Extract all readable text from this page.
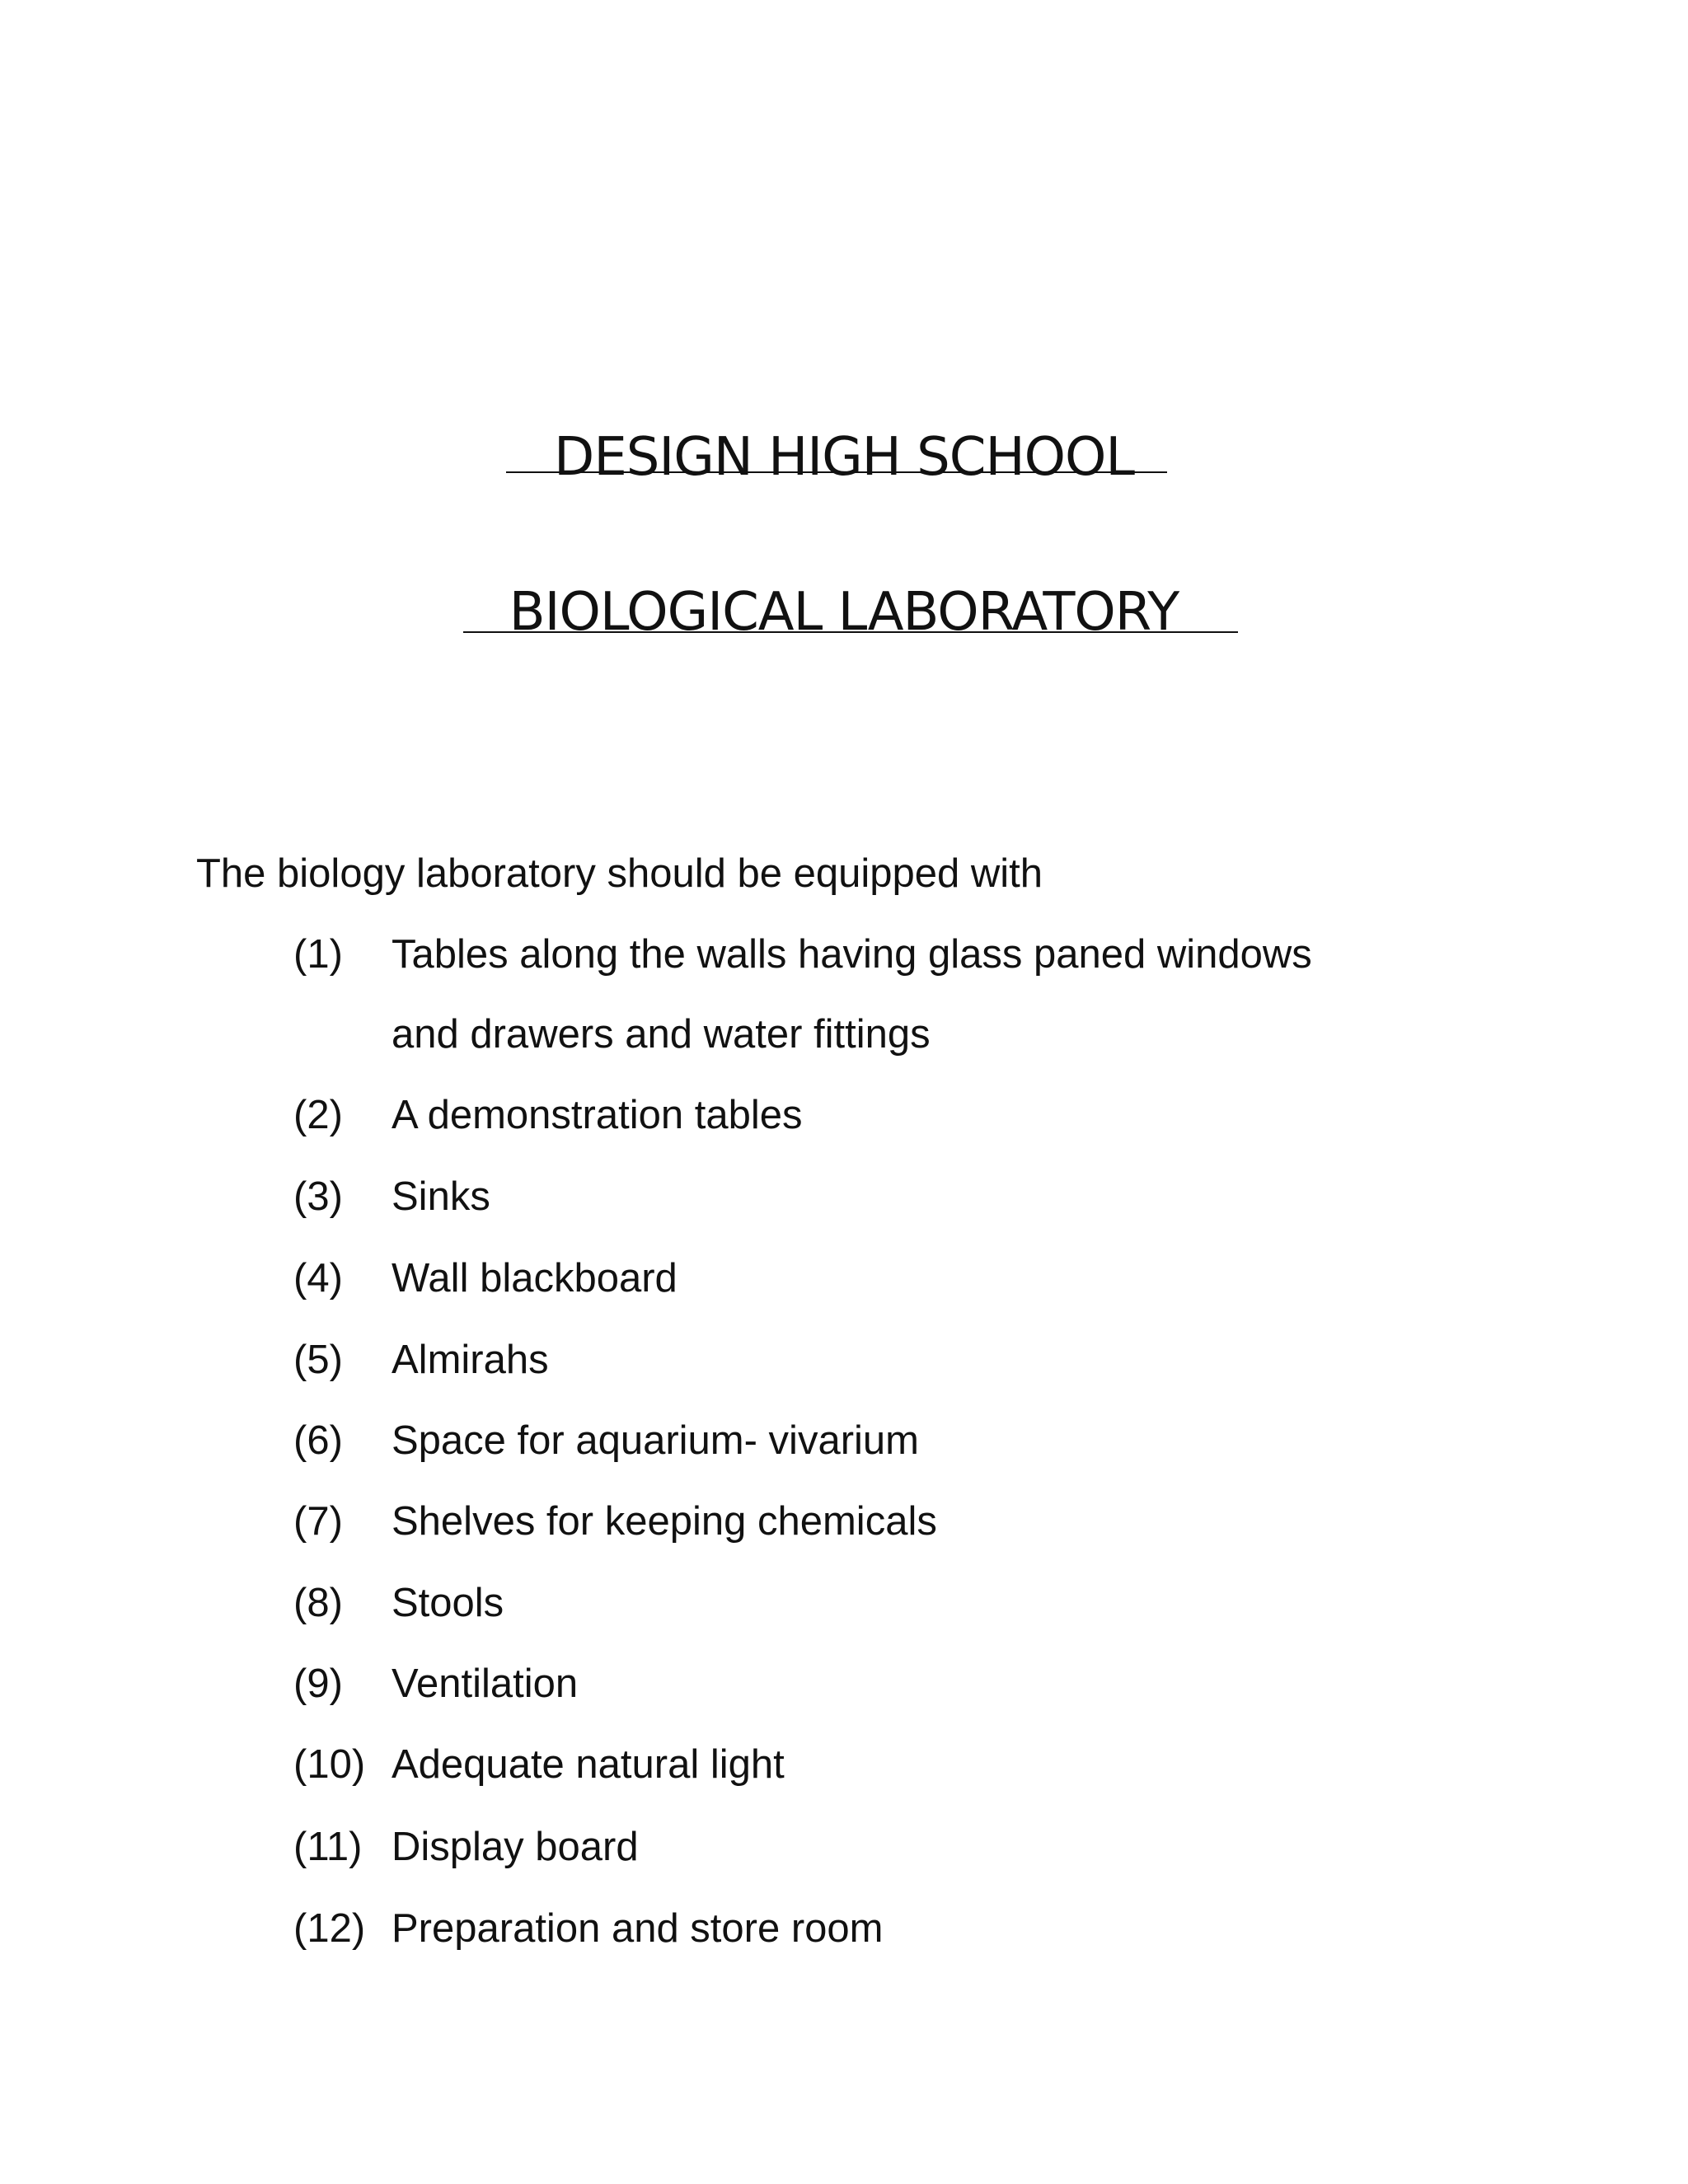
DESIGN HIGH SCHOOL
BIOLOGICAL LABORATORY
The biology laboratory should be equipped with
(1) Tables along the walls having glass paned windows
and drawers and water fittings
(2) A demonstration tables
(3) Sinks
(4) Wall blackboard
(5) Almirahs
(6) Space for aquarium- vivarium
(7) Shelves for keeping chemicals
(8) Stools
(9) Ventilation
(10) Adequate natural light
(11) Display board
(12) Preparation and store room
